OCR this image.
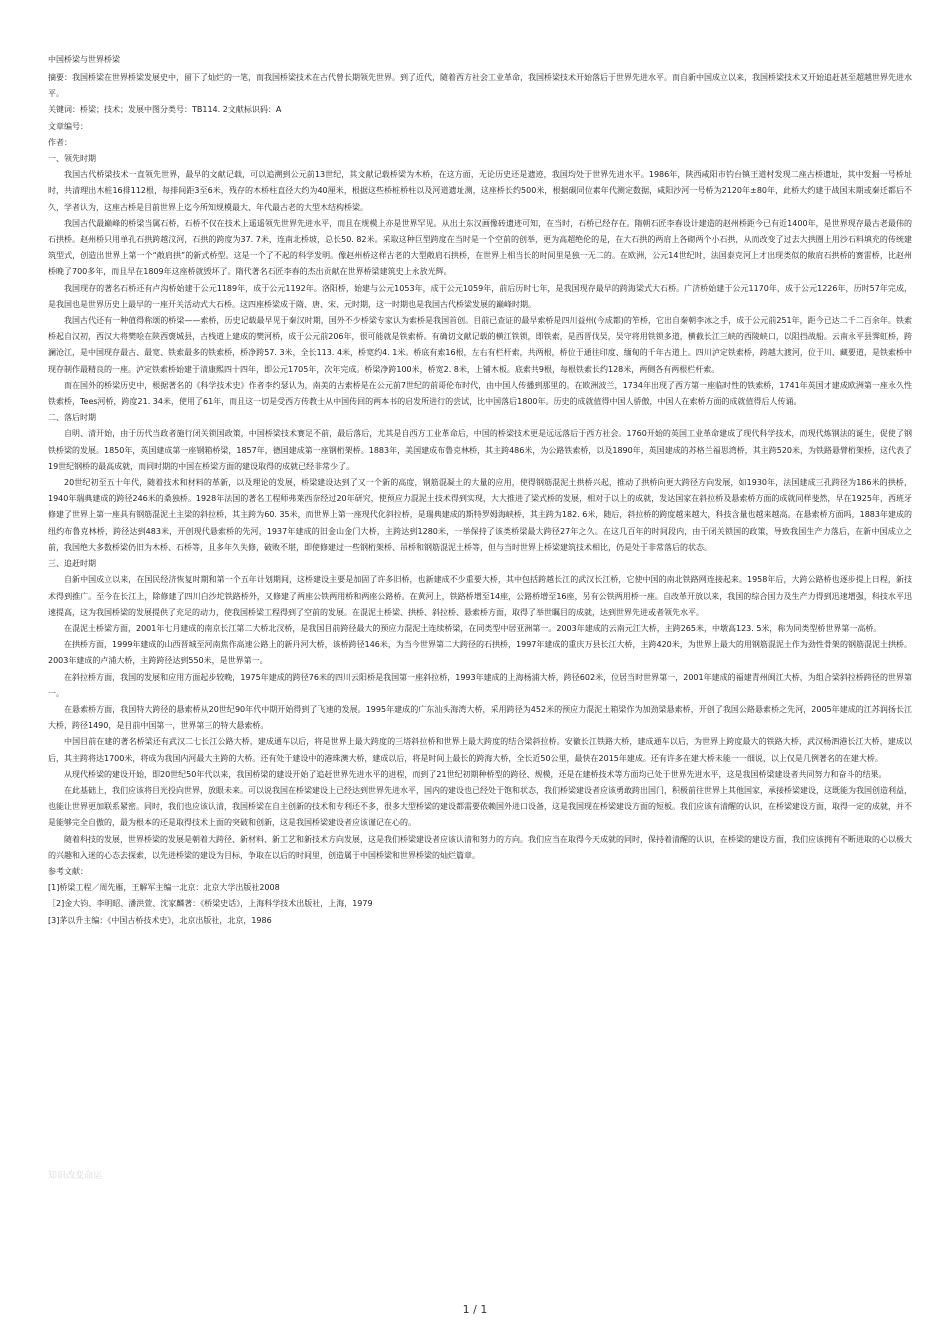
中国桥梁与世界桥梁

摘要：我国桥梁在世界桥梁发展史中，留下了灿烂的一笔，而我国桥梁技术在古代曾长期领先世界。到了近代，随着西方社会工业革命，我国桥梁技术开始落后于世界先进水平。而自新中国成立以来，我国桥梁技术又开始追赶甚至超越世界先进水平。

关键词：桥梁；技术；发展中图分类号：TB114. 2文献标识码：A

文章编号：

作者：

一、领先时期

我国古代桥梁技术一直领先世界，最早的文献记载，可以追溯到公元前13世纪，其文献记载桥梁为木桥，在这方面，无论历史还是遗迹，我国均处于世界先进水平。1986年，陕西咸阳市钓台镇王道村发现二座古桥遗址，其中发掘一号桥址时，共清理出木桩16排112根，每排间距3至6米，残存的木桥柱直径大约为40厘米，根据这些桥桩桥柱以及河道遗址测，这座桥长约500米，根据碳同位素年代测定数据，咸阳沙河一号桥为2120年±80年，此桥大约建于战国末期或秦迁都后不久，学者认为，这座古桥是目前世界上迄今所知规模最大、年代最古老的大型木结构桥梁。

我国古代最巅峰的桥梁当属石桥，石桥不仅在技术上遥遥领先世界先进水平，而且在规模上亦是世界罕见。从出土东汉画像砖遗迹可知，在当时，石桥已经存在。隋朝石匠李春设计建造的赵州桥距今已有近1400年，是世界现存最古老最伟的石拱桥。赵州桥只用单孔石拱跨越汶河，石拱的跨度为37. 7米，连南北桥坡，总长50. 82米。采取这种巨型跨度在当时是一个空前的创举，更为高超绝伦的是，在大石拱的两肩上各砌两个小石拱，从而改变了过去大拱圈上用沙石料填充的传统建筑型式，创造出世界上第一个“敞肩拱”的新式桥型。这是一个了不起的科学发明。像赵州桥这样古老的大型敞肩石拱桥，在世界上相当长的时间里是独一无二的。在欧洲，公元14世纪时，法国泰克河上才出现类似的敞肩石拱桥的赛雷桥，比赵州桥晚了700多年，而且早在1809年这座桥就毁坏了。隋代著名石匠李春的杰出贡献在世界桥梁建筑史上永放光辉。

我国现存的著名石桥还有卢沟桥始建于公元1189年，成于公元1192年。洛阳桥，始建与公元1053年，成于公元1059年，前后历时七年，是我国现存最早的跨海梁式大石桥。广济桥始建于公元1170年，成于公元1226年，历时57年完成，是我国也是世界历史上最早的一座开关活动式大石桥。这四座桥梁成于隋、唐、宋、元时期，这一时期也是我国古代桥梁发展的巅峰时期。

我国古代还有一种值得称颂的桥梁——索桥，历史记载最早见于秦汉时期，国外不少桥梁专家认为索桥是我国首创。目前已查证的最早索桥是四川益州(今成都)的笮桥，它出自秦朝李冰之手，成于公元前251年，距今已达二千二百余年。铁索桥起自汉初，西汉大将樊哙在陕西褒城县，古栈道上建成的樊河桥，成于公元前206年，很可能就是铁索桥。有确切文献记载的横江铁锁，即铁索，是西晋伐吴，吴守将用铁锁多道，横截长江三峡的西陵峡口，以阻挡战船。云南永平县霁虹桥，跨澜沧江，是中国现存最古、最宽、铁索最多的铁索桥，桥净跨57. 3米，全长113. 4米，桥宽约4. 1米。桥底有索16根，左右有栏杆索，共两根，桥位于通往印度、缅甸的千年古道上。四川泸定铁索桥，跨越大渡河，位于川、藏要道，是铁索桥中现存制作最精良的一座。泸定铁索桥始建于清康熙四十四年，即公元1705年，次年完成。桥梁净跨100米，桥宽2. 8米，上铺木板。底索共9根，每根铁索长约128米，两侧各有两根栏杆索。

而在国外的桥梁历史中，根据著名的《科学技术史》作者李约瑟认为，南美的古索桥是在公元前7世纪的前哥伦布时代，由中国人传播到那里的。在欧洲波兰，1734年出现了西方第一座临时性的铁索桥，1741年英国才建成欧洲第一座永久性铁索桥，Tees河桥，跨度21. 34米，使用了61年，而且这一切是受西方传教士从中国传回的两本书的启发所进行的尝试，比中国落后1800年。历史的成就值得中国人骄傲，中国人在索桥方面的成就值得后人传诵。

二、落后时期

自明、清开始，由于历代当政者施行闭关锁国政策，中国桥梁技术赛足不前，最后落后，尤其是自西方工业革命后，中国的桥梁技术更是远远落后于西方社会。1760开始的英国工业革命建成了现代科学技术，而现代炼钢法的诞生，促使了钢铁桥梁的发展。1850年，英国建成第一座钢箱桥梁，1857年，德国建成第一座钢桁架桥。1883年，美国建成布鲁克林桥，其主跨486米，为公路铁索桥，以及1890年，英国建成的苏格兰福思湾桥，其主跨520米，为铁路悬臂桁架桥，这代表了19世纪钢桥的最高成就，而同时期的中国在桥梁方面的建设取得的成就已经非常少了。

20世纪初至五十年代，随着技术和材料的革新，以及理论的发展，桥梁建设达到了又一个新的高度，钢筋混凝土的大量的应用，使得钢筋混泥土拱桥兴起，推动了拱桥向更大跨径方向发展，如1930年，法国建成三孔跨径为186米的拱桥，1940年瑞典建成的跨径246米的桑独桥。1928年法国的著名工程师弗莱西奈经过20年研究，使预应力混泥土技术得到实现，大大推进了梁式桥的发展，相对于以上的成就，发达国家在斜拉桥及悬索桥方面的成就同样斐然，早在1925年，西班牙修建了世界上第一座具有钢筋混泥土主梁的斜拉桥，其主跨为60. 35米，而世界上第一座现代化斜拉桥，是瑞典建成的斯特罗姆海峡桥，其主跨为182. 6米，随后，斜拉桥的跨度越来越大，科技含量也越来越高。在悬索桥方面吗，1883年建成的纽约布鲁克林桥，跨径达到483米，开创现代悬索桥的先河，1937年建成的旧金山金门大桥，主跨达到1280米，一举保持了该类桥梁最大跨径27年之久。在这几百年的时间段内，由于闭关锁国的政策，导致我国生产力落后，在新中国成立之前，我国绝大多数桥梁仍旧为木桥、石桥等，且多年久失修，破败不堪，即使修建过一些钢桁架桥、吊桥和钢筋混泥土桥等，但与当时世界上桥梁建筑技术相比，仍是处于非常落后的状态。

三、追赶时期

自新中国成立以来，在国民经济恢复时期和第一个五年计划期间，这桥建设主要是加固了许多旧桥，也新建成不少重要大桥，其中包括跨越长江的武汉长江桥，它使中国的南北铁路网连接起来。1958年后，大跨公路桥也逐步提上日程，新技术得到推广。至今在长江上，除修建了四川白沙坨铁路桥外，又修建了两座公铁两用桥和两座公路桥。在黄河上，铁路桥增至14座，公路桥增至16座，另有公铁两用桥一座。自改革开放以来，我国的综合国力及生产力得到迅速增强，科技水平迅速提高，这为我国桥梁的发展提供了充足的动力，使我国桥梁工程得到了空前的发展。在混泥土桥梁、拱桥、斜拉桥、悬索桥方面，取得了举世瞩目的成就，达到世界先进或者领先水平。

在混泥土桥梁方面，2001年七月建成的南京长江第二大桥北汊桥，是我国目前跨径最大的预应力混泥土连续桥梁，在同类型中居亚洲第一。2003年建成的云南元江大桥，主跨265米，中墩高123. 5米，称为同类型桥世界第一高桥。

在拱桥方面，1999年建成的山西晋城至河南焦作高速公路上的新丹河大桥，该桥跨径146米，为当今世界第二大跨径的石拱桥，1997年建成的重庆万县长江大桥，主跨420米，为世界上最大的用钢筋混泥土作为劲性骨架的钢筋混泥土拱桥。2003年建成的卢浦大桥，主跨跨径达到550米，是世界第一。

在斜拉桥方面，我国的发展和应用方面起步较晚，1975年建成的跨径76米的四川云阳桥是我国第一座斜拉桥，1993年建成的上海杨浦大桥，跨径602米，位居当时世界第一，2001年建成的福建青州闽江大桥，为组合梁斜拉桥跨径的世界第一。

在悬索桥方面，我国特大跨径的悬索桥从20世纪90年代中期开始得到了飞速的发展。1995年建成的广东汕头海湾大桥，采用跨径为452米的预应力混泥土箱梁作为加劲梁悬索桥，开创了我国公路悬索桥之先河，2005年建成的江苏润扬长江大桥，跨径1490，是目前中国第一，世界第三的特大悬索桥。

中国目前在建的著名桥梁还有武汉二七长江公路大桥，建成通车以后，将是世界上最大跨度的三塔斜拉桥和世界上最大跨度的结合梁斜拉桥。安徽长江铁路大桥，建成通车以后，为世界上跨度最大的铁路大桥，武汉杨泗港长江大桥，建成以后，其主跨将达1700米，将成为我国内河最大主跨的大桥。还有处于建设中的港珠澳大桥，建成以后，将是时间上最长的跨海大桥，全长近50公里，最快在2015年建成。还有许多在建大桥未能一一细说，以上仅是几例著名的在建大桥。

从现代桥梁的建设开始，即20世纪50年代以来，我国桥梁的建设开始了追赶世界先进水平的进程，而到了21世纪初期种桥型的跨径、规模，还是在建桥技术等方面均已处于世界先进水平，这是我国桥梁建设者共同努力和奋斗的结果。

在此基础上，我们应该将目光投向世界，放眼未来。可以说我国在桥梁建设上已经达到世界先进水平，国内的建设也已经处于饱和状态，我们桥梁建设者应该勇敢跨出国门，积极前往世界上其他国家，承接桥梁建设，这既能为我国创造利益，也能让世界更加联系紧密。同时，我们也应该认清，我国桥梁在自主创新的技术和专利还不多，很多大型桥梁的建设都需要依赖国外进口设备，这是我国现在桥梁建设方面的短板。我们应该有清醒的认识，在桥梁建设方面，取得一定的成就，并不是能够完全自傲的，最为根本的还是取得技术上面的突破和创新，这是我国桥梁建设者应该谨记在心的。

随着科技的发展，世界桥梁的发展是朝着大跨径、新材料、新工艺和新技术方向发展，这是我们桥梁建设者应该认清和努力的方向。我们应当在取得今天成就的同时，保持着清醒的认识，在桥梁的建设方面，我们应该拥有不断进取的心以极大的兴趣和入迷的心态去探索，以先进桥梁的建设为目标，争取在以后的时间里，创造属于中国桥梁和世界桥梁的灿烂篇章。

参考文献：

[1]桥梁工程／周先雁，王解军主编一北京：北京大学出版社2008

［2]金大钧、李明昭、潘洪萱、沈家麟著：《桥梁史话》，上海科学技术出版社，上海，1979

[3]茅以升主编：《中国古桥技术史》，北京出版社，北京，1986

知识改变命运
1 / 1
